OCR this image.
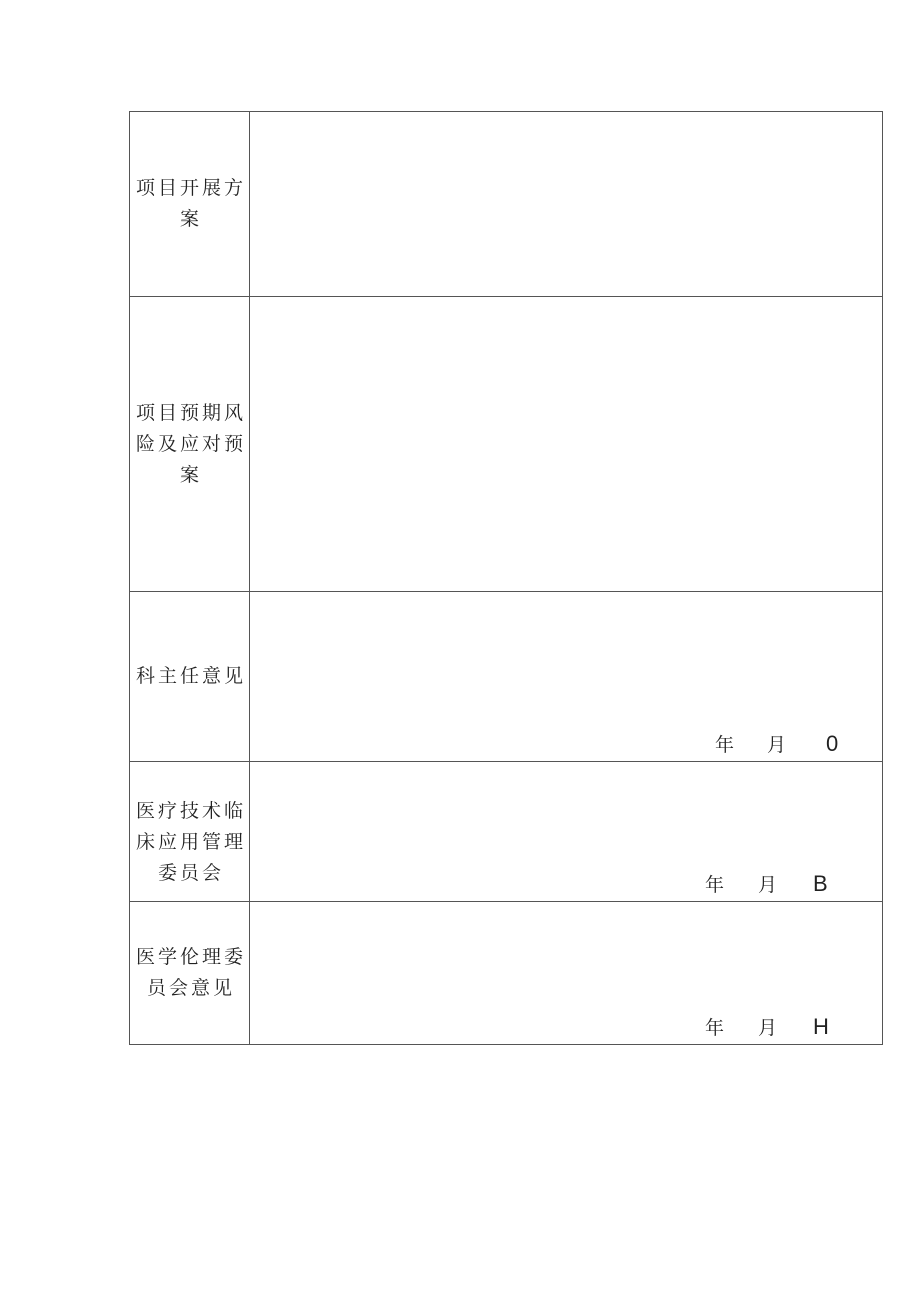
项目开展方案	

项目预期风险及应对预案	

科主任意见	年 月 0

医疗技术临床应用管理委员会	年 月 B

医学伦理委员会意见	年 月 H
